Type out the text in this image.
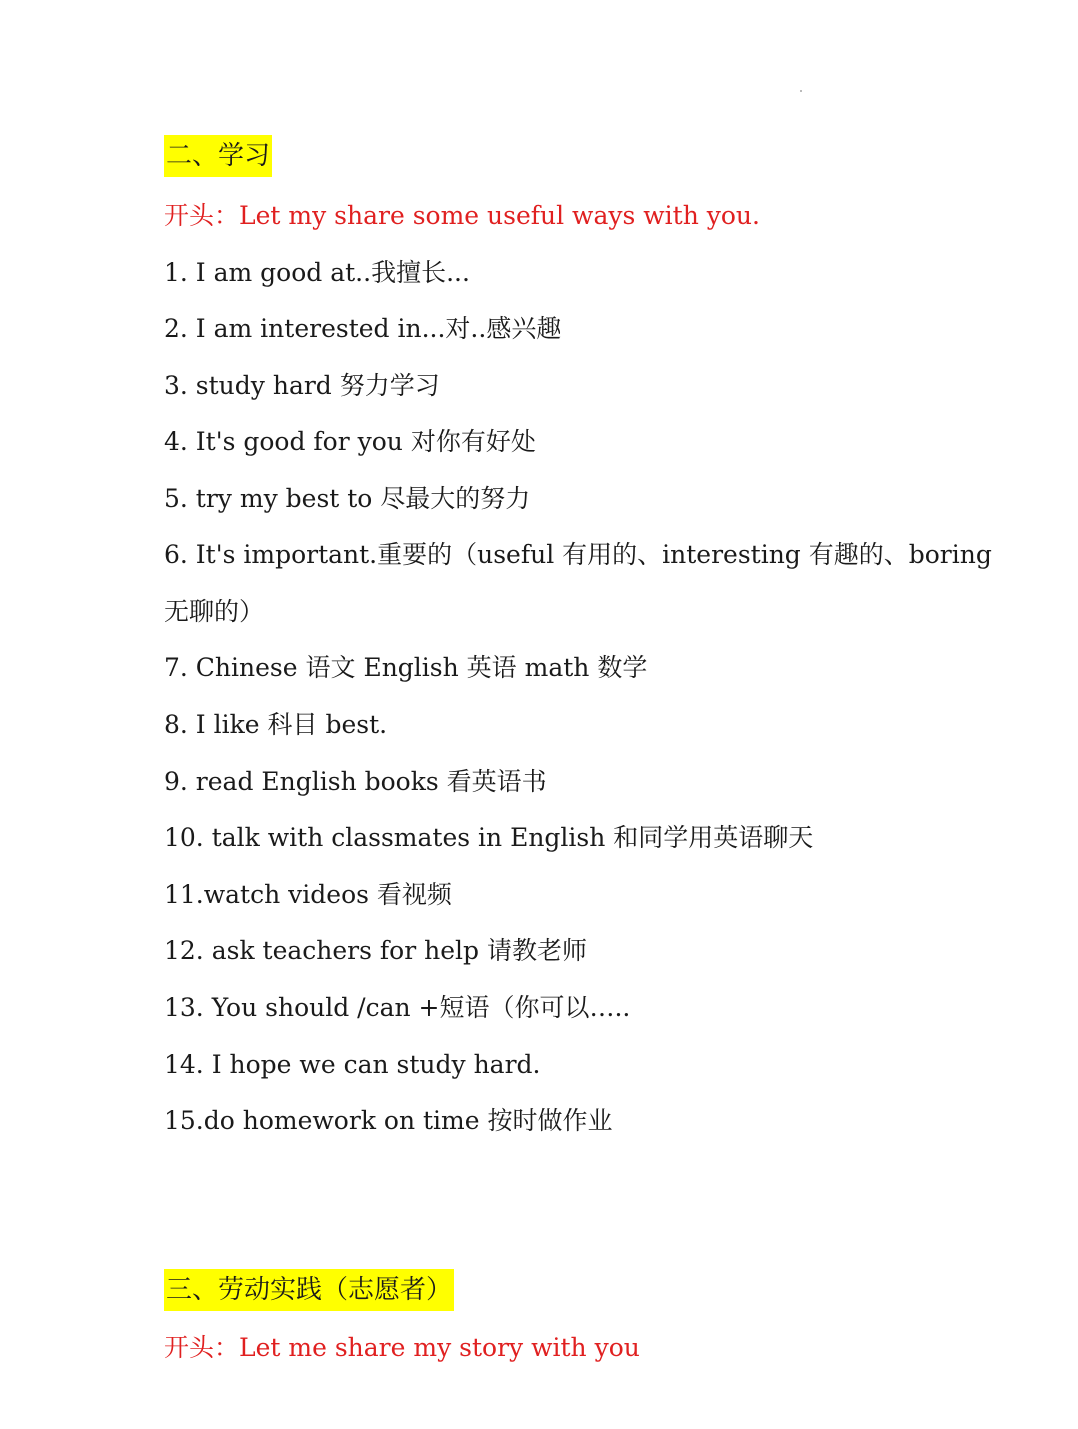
二、学习
开头：Let my share some useful ways with you.
1. I am good at..我擅长...
2. I am interested in...对..感兴趣
3. study hard 努力学习
4. It's good for you 对你有好处
5. try my best to 尽最大的努力
6. It's important.重要的（useful 有用的、interesting 有趣的、boring
无聊的）
7. Chinese 语文 English 英语 math 数学
8. I like 科目 best.
9. read English books 看英语书
10. talk with classmates in English 和同学用英语聊天
11.watch videos 看视频
12. ask teachers for help 请教老师
13. You should /can +短语（你可以…..
14. I hope we can study hard.
15.do homework on time 按时做作业
三、劳动实践（志愿者）
开头：Let me share my story with you
